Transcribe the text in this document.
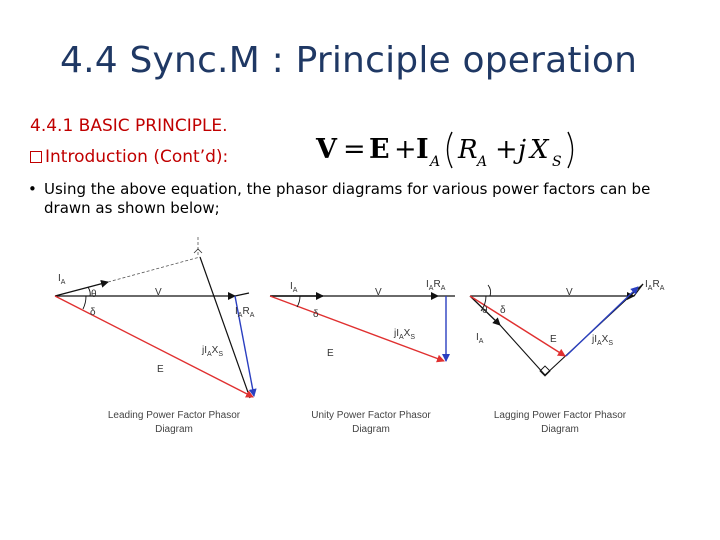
4.4 Sync.M : Principle operation
4.4.1 BASIC PRINCIPLE.
Introduction (Cont’d):	V = E + I A R A + j X S
• Using the above equation, the phasor diagrams for various power factors can be drawn as shown below;
$I_A$
θ
δ
V
$I_AR_A$
$jI_AX_S$
E
Leading Power Factor Phasor
Diagram
$I_A$
δ
V
$I_AR_A$
$jI_AX_S$
E
Unity Power Factor Phasor
Diagram
$I_A$
θ δ
V
$I_AR_A$
$jI_AX_S$
E
Lagging Power Factor Phasor
Diagram
